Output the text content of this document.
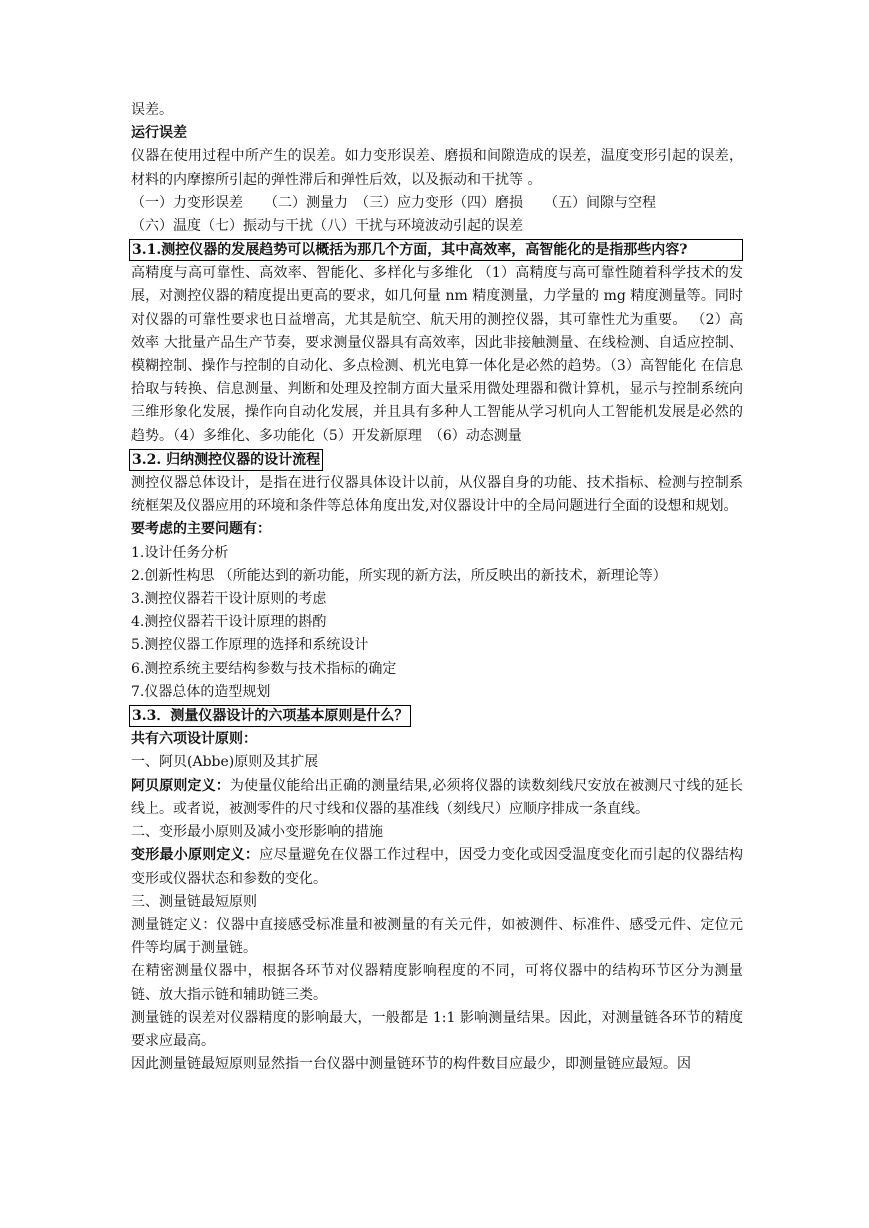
误差。

运行误差

仪器在使用过程中所产生的误差。如力变形误差、磨损和间隙造成的误差，温度变形引起的误差，材料的内摩擦所引起的弹性滞后和弹性后效，以及振动和干扰等 。

（一）力变形误差　　（二）测量力　（三）应力变形（四）磨损　　（五）间隙与空程

（六）温度（七）振动与干扰（八）干扰与环境波动引起的误差

3.1.测控仪器的发展趋势可以概括为那几个方面，其中高效率，高智能化的是指那些内容?

高精度与高可靠性、高效率、智能化、多样化与多维化 （1）高精度与高可靠性随着科学技术的发展，对测控仪器的精度提出更高的要求，如几何量 nm 精度测量，力学量的 mg 精度测量等。同时对仪器的可靠性要求也日益增高，尤其是航空、航天用的测控仪器，其可靠性尤为重要。 （2）高效率 大批量产品生产节奏，要求测量仪器具有高效率，因此非接触测量、在线检测、自适应控制、模糊控制、操作与控制的自动化、多点检测、机光电算一体化是必然的趋势。（3）高智能化 在信息拾取与转换、信息测量、判断和处理及控制方面大量采用微处理器和微计算机，显示与控制系统向三维形象化发展，操作向自动化发展，并且具有多种人工智能从学习机向人工智能机发展是必然的趋势。（4）多维化、多功能化（5）开发新原理　（6）动态测量

3.2. 归纳测控仪器的设计流程

测控仪器总体设计，是指在进行仪器具体设计以前，从仪器自身的功能、技术指标、检测与控制系统框架及仪器应用的环境和条件等总体角度出发,对仪器设计中的全局问题进行全面的设想和规划。

要考虑的主要问题有：

1.设计任务分析

2.创新性构思 （所能达到的新功能，所实现的新方法，所反映出的新技术，新理论等）

3.测控仪器若干设计原则的考虑

4.测控仪器若干设计原理的斟酌

5.测控仪器工作原理的选择和系统设计

6.测控系统主要结构参数与技术指标的确定

7.仪器总体的造型规划

3.3．测量仪器设计的六项基本原则是什么？

共有六项设计原则：

一、阿贝(Abbe)原则及其扩展

阿贝原则定义：为使量仪能给出正确的测量结果,必须将仪器的读数刻线尺安放在被测尺寸线的延长线上。或者说，被测零件的尺寸线和仪器的基准线（刻线尺）应顺序排成一条直线。

二、变形最小原则及减小变形影响的措施

变形最小原则定义：应尽量避免在仪器工作过程中，因受力变化或因受温度变化而引起的仪器结构变形或仪器状态和参数的变化。

三、测量链最短原则

测量链定义：仪器中直接感受标准量和被测量的有关元件，如被测件、标准件、感受元件、定位元件等均属于测量链。

在精密测量仪器中，根据各环节对仪器精度影响程度的不同，可将仪器中的结构环节区分为测量链、放大指示链和辅助链三类。

测量链的误差对仪器精度的影响最大，一般都是 1:1 影响测量结果。因此，对测量链各环节的精度要求应最高。

因此测量链最短原则显然指一台仪器中测量链环节的构件数目应最少，即测量链应最短。因
